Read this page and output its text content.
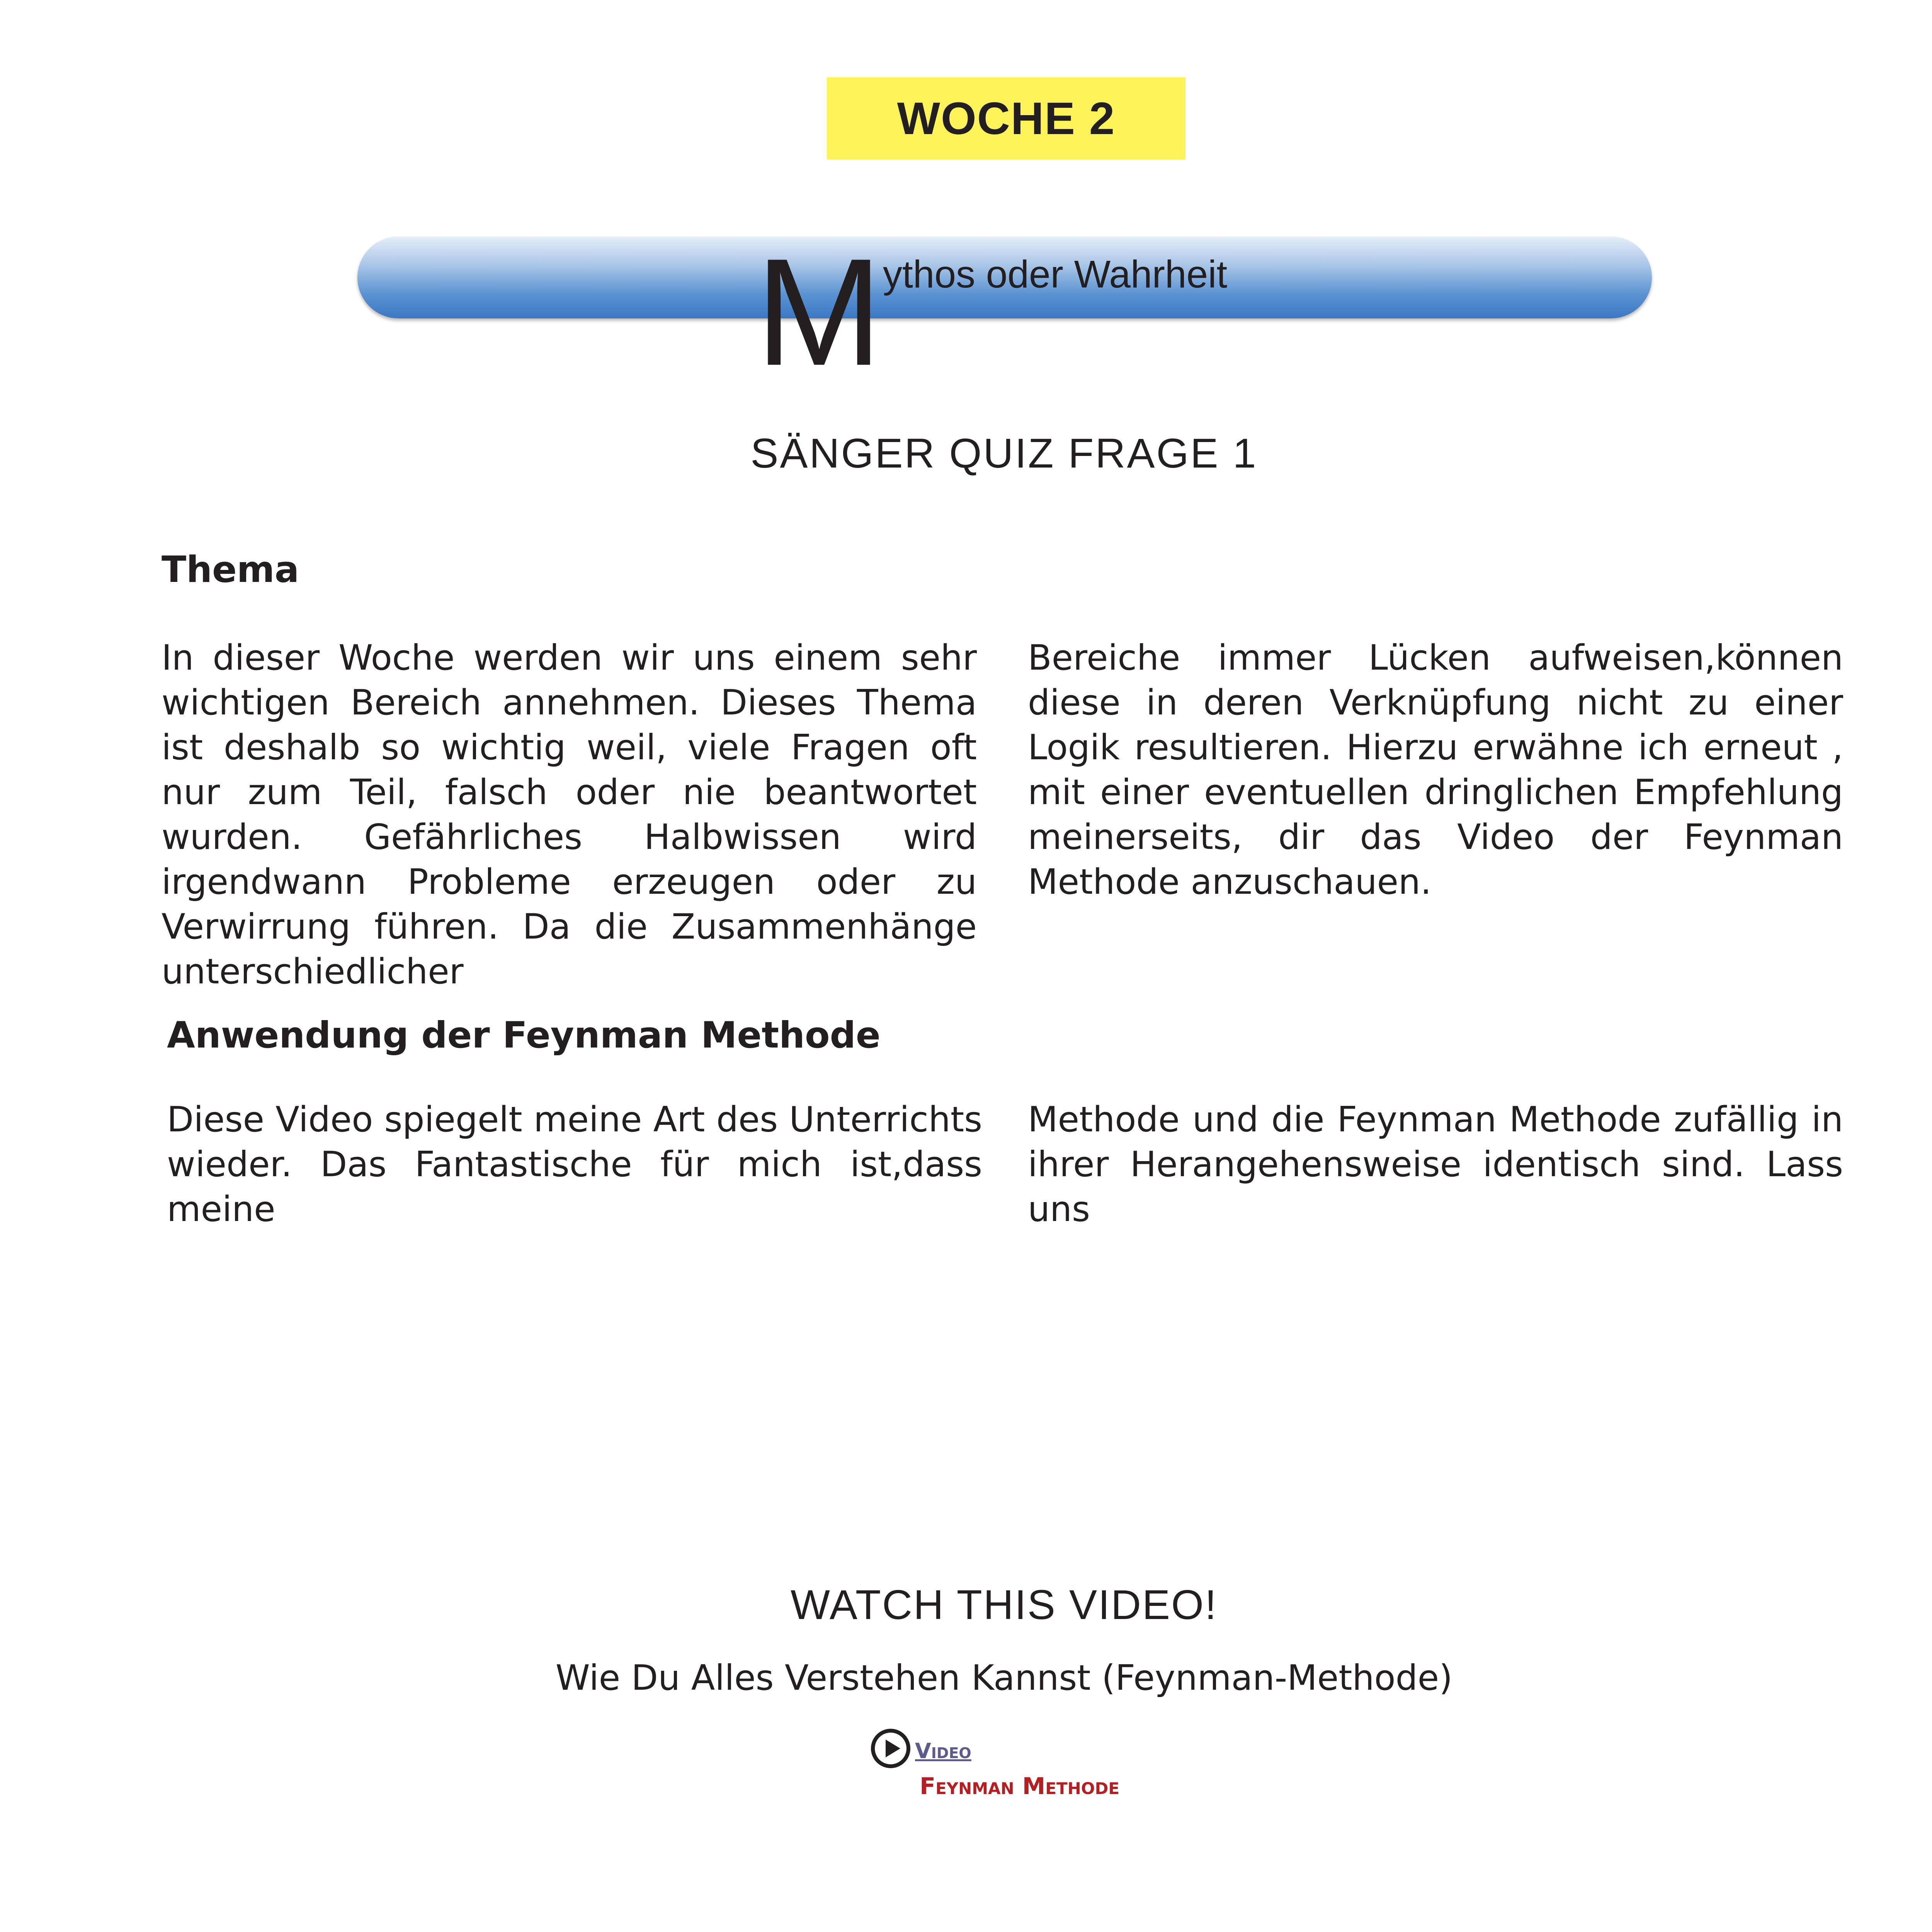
WOCHE 2
M ythos oder Wahrheit
SÄNGER QUIZ FRAGE 1
Thema
In dieser Woche werden wir uns einem sehr wichtigen Bereich annehmen. Dieses Thema ist deshalb so wichtig weil, viele Fragen oft nur zum Teil, falsch oder nie beantwortet wurden. Gefährliches Halbwissen wird irgendwann Probleme erzeugen oder zu Verwirrung führen. Da die Zusammenhänge unterschiedlicher
Bereiche immer Lücken aufweisen,können diese in deren Verknüpfung nicht zu einer Logik resultieren. Hierzu erwähne ich erneut , mit einer eventuellen dringlichen Empfehlung meinerseits, dir das Video der Feynman Methode anzuschauen.
Anwendung der Feynman Methode
Diese Video spiegelt meine Art des Unterrichts wieder. Das Fantastische für mich ist,dass meine
Methode und die Feynman Methode zufällig in ihrer Herangehensweise identisch sind. Lass uns
WATCH THIS VIDEO!
Wie Du Alles Verstehen Kannst (Feynman-Methode)
Video
Feynman Methode
